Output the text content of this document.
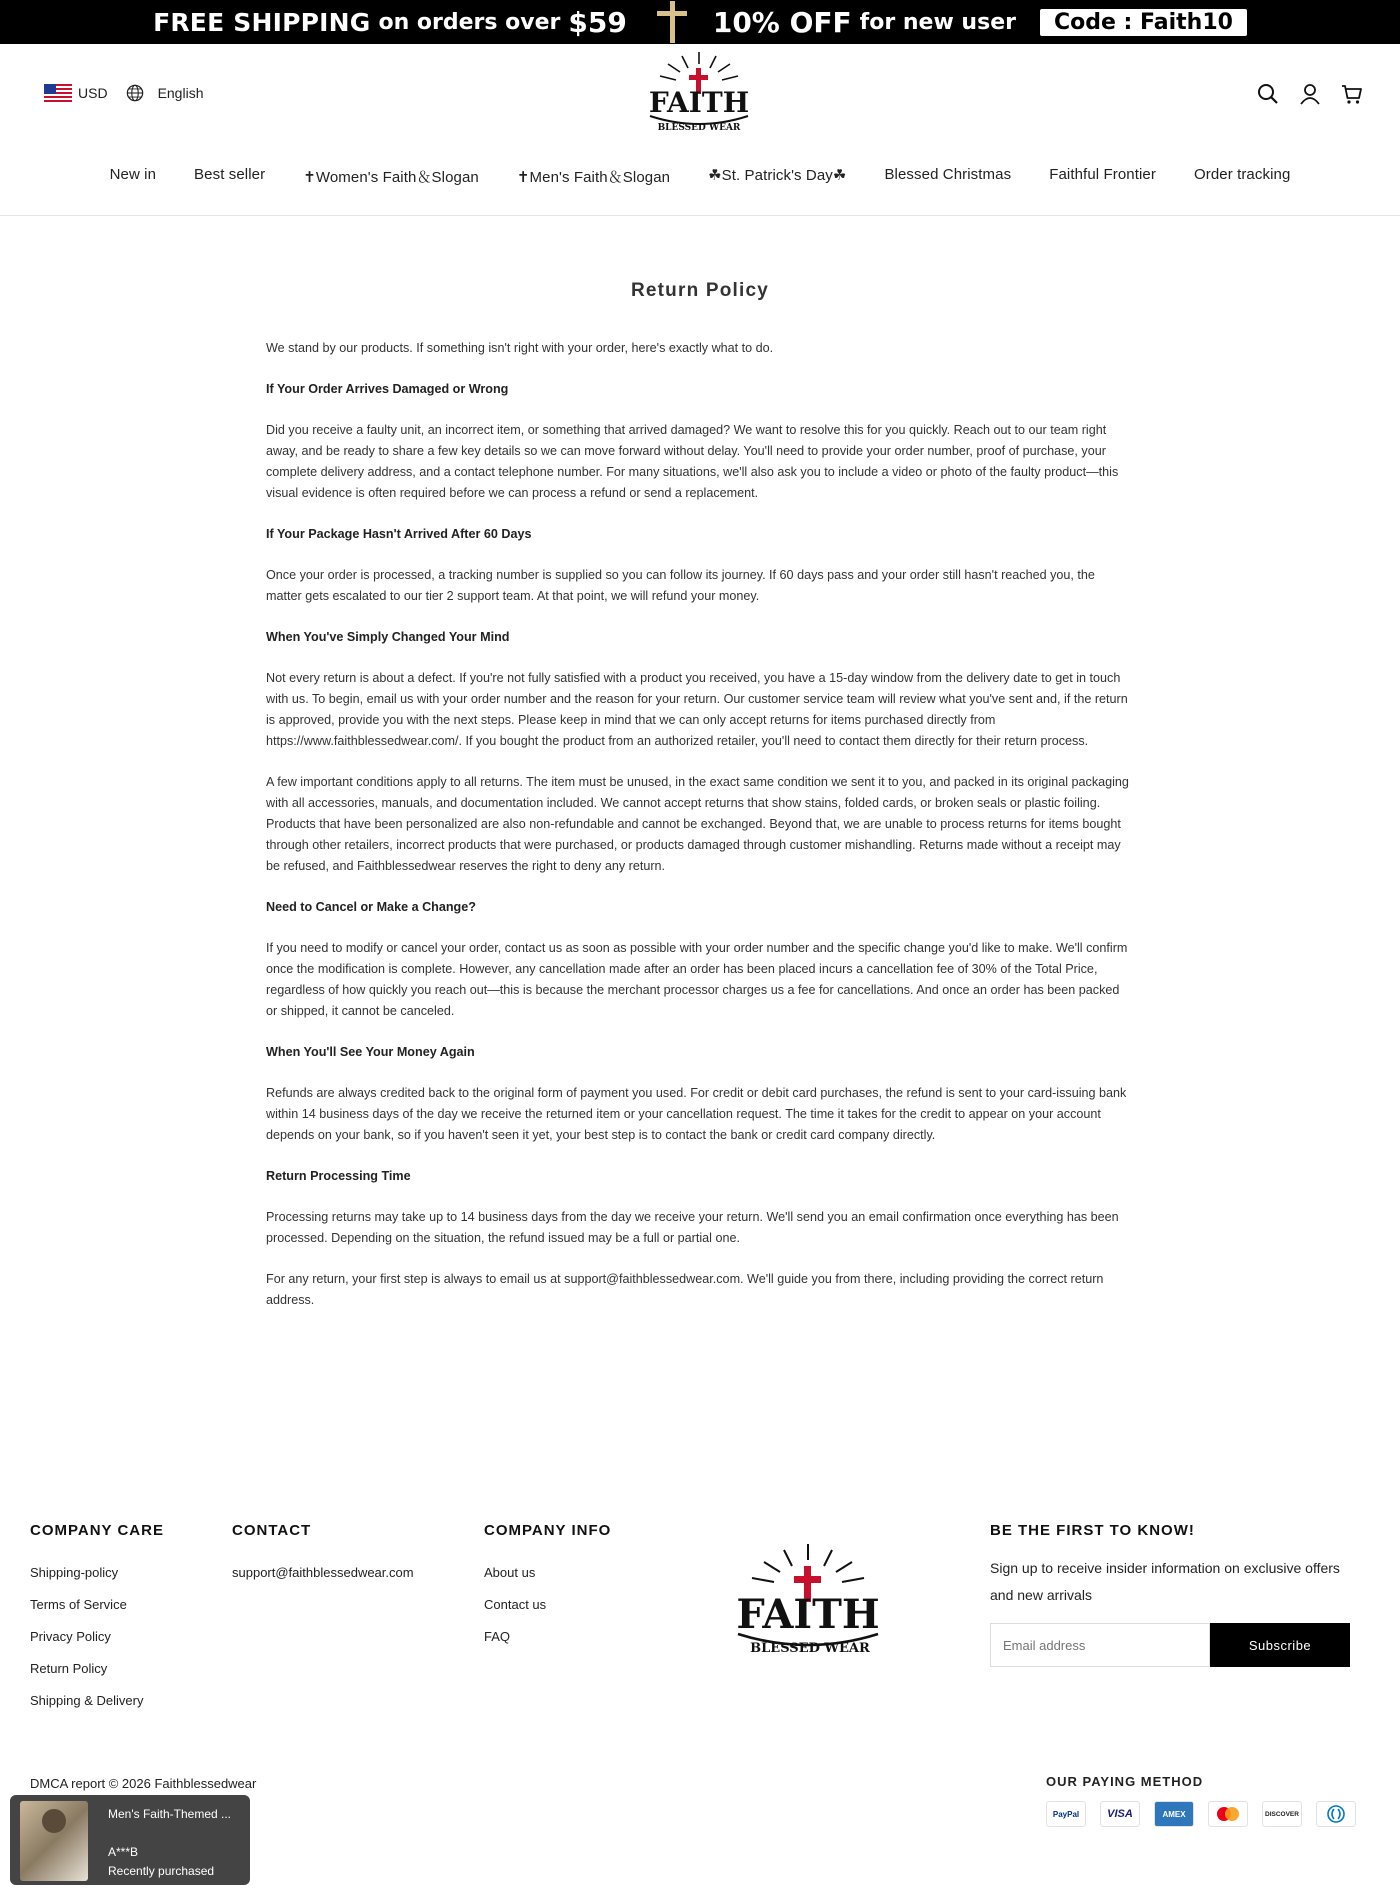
FREE SHIPPING on orders over $59	10% OFF for new user	Code : Faith10
USD	English	FAITH
BLESSED WEAR
New in	Best seller	✝Women's Faith＆Slogan	✝Men's Faith＆Slogan	☘St. Patrick's Day☘	Blessed Christmas	Faithful Frontier	Order tracking
Return Policy

We stand by our products. If something isn't right with your order, here's exactly what to do.

If Your Order Arrives Damaged or Wrong

Did you receive a faulty unit, an incorrect item, or something that arrived damaged? We want to resolve this for you quickly. Reach out to our team right away, and be ready to share a few key details so we can move forward without delay. You'll need to provide your order number, proof of purchase, your complete delivery address, and a contact telephone number. For many situations, we'll also ask you to include a video or photo of the faulty product—this visual evidence is often required before we can process a refund or send a replacement.

If Your Package Hasn't Arrived After 60 Days

Once your order is processed, a tracking number is supplied so you can follow its journey. If 60 days pass and your order still hasn't reached you, the matter gets escalated to our tier 2 support team. At that point, we will refund your money.

When You've Simply Changed Your Mind

Not every return is about a defect. If you're not fully satisfied with a product you received, you have a 15-day window from the delivery date to get in touch with us. To begin, email us with your order number and the reason for your return. Our customer service team will review what you've sent and, if the return is approved, provide you with the next steps. Please keep in mind that we can only accept returns for items purchased directly from https://www.faithblessedwear.com/. If you bought the product from an authorized retailer, you'll need to contact them directly for their return process.

A few important conditions apply to all returns. The item must be unused, in the exact same condition we sent it to you, and packed in its original packaging with all accessories, manuals, and documentation included. We cannot accept returns that show stains, folded cards, or broken seals or plastic foiling. Products that have been personalized are also non-refundable and cannot be exchanged. Beyond that, we are unable to process returns for items bought through other retailers, incorrect products that were purchased, or products damaged through customer mishandling. Returns made without a receipt may be refused, and Faithblessedwear reserves the right to deny any return.

Need to Cancel or Make a Change?

If you need to modify or cancel your order, contact us as soon as possible with your order number and the specific change you'd like to make. We'll confirm once the modification is complete. However, any cancellation made after an order has been placed incurs a cancellation fee of 30% of the Total Price, regardless of how quickly you reach out—this is because the merchant processor charges us a fee for cancellations. And once an order has been packed or shipped, it cannot be canceled.

When You'll See Your Money Again

Refunds are always credited back to the original form of payment you used. For credit or debit card purchases, the refund is sent to your card-issuing bank within 14 business days of the day we receive the returned item or your cancellation request. The time it takes for the credit to appear on your account depends on your bank, so if you haven't seen it yet, your best step is to contact the bank or credit card company directly.

Return Processing Time

Processing returns may take up to 14 business days from the day we receive your return. We'll send you an email confirmation once everything has been processed. Depending on the situation, the refund issued may be a full or partial one.

For any return, your first step is always to email us at support@faithblessedwear.com. We'll guide you from there, including providing the correct return address.

COMPANY CARE
Shipping-policy
Terms of Service
Privacy Policy
Return Policy
Shipping & Delivery
CONTACT
support@faithblessedwear.com
COMPANY INFO
About us
Contact us
FAQ	FAITH
BLESSED WEAR
BE THE FIRST TO KNOW!

Sign up to receive insider information on exclusive offers and new arrivals

Email address
Subscribe
DMCA report © 2026 Faithblessedwear	OUR PAYING METHOD
PayPal	VISA	AMEX	DISCOVER
Men's Faith-Themed ...
A***B
Recently purchased
